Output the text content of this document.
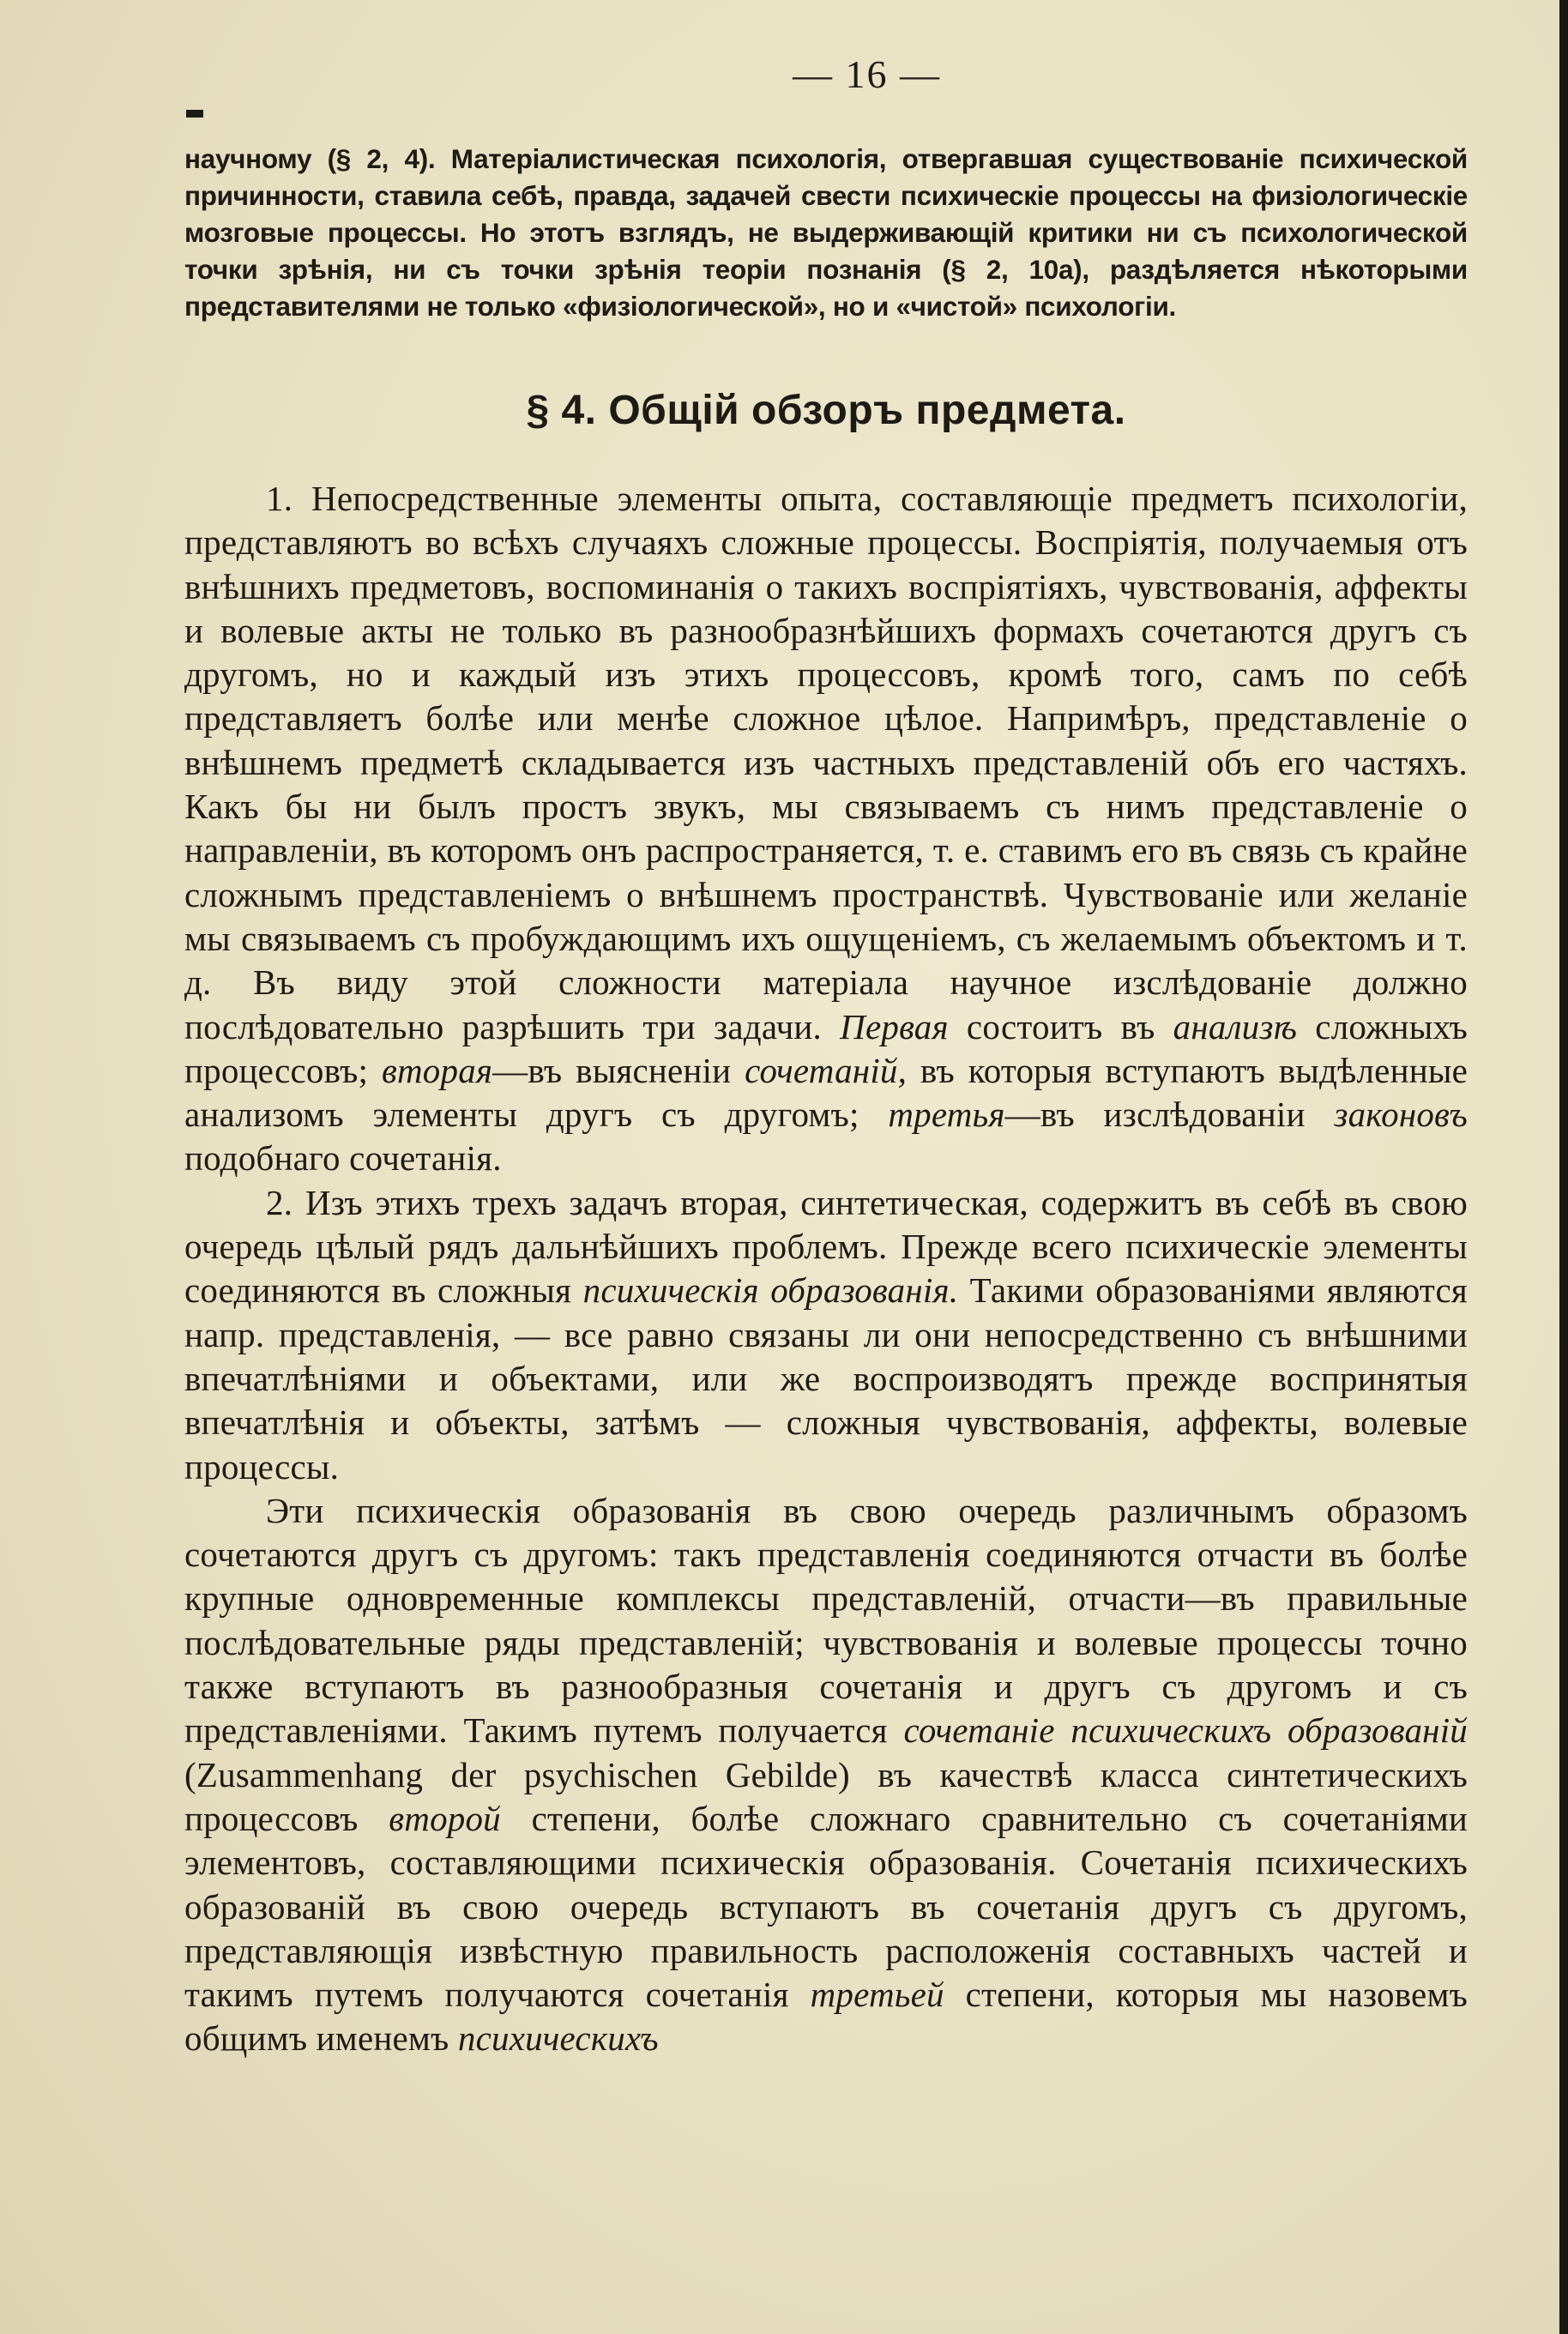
— 16 —

научному (§ 2, 4). Матеріалистическая психологія, отвергавшая существованіе психической причинности, ставила себѣ, правда, задачей свести психическіе процессы на физіологическіе мозговые процессы. Но этотъ взглядъ, не выдерживающій критики ни съ психологической точки зрѣнія, ни съ точки зрѣнія теоріи познанія (§ 2, 10a), раздѣляется нѣкоторыми представителями не только «физіологической», но и «чистой» психологіи.

§ 4. Общій обзоръ предмета.

1. Непосредственные элементы опыта, составляющіе предметъ психологіи, представляютъ во всѣхъ случаяхъ сложные процессы. Воспріятія, получаемыя отъ внѣшнихъ предметовъ, воспоминанія о такихъ воспріятіяхъ, чувствованія, аффекты и волевые акты не только въ разнообразнѣйшихъ формахъ сочетаются другъ съ другомъ, но и каждый изъ этихъ процессовъ, кромѣ того, самъ по себѣ представляетъ болѣе или менѣе сложное цѣлое. Напримѣръ, представленіе о внѣшнемъ предметѣ складывается изъ частныхъ представленій объ его частяхъ. Какъ бы ни былъ простъ звукъ, мы связываемъ съ нимъ представленіе о направленіи, въ которомъ онъ распространяется, т. е. ставимъ его въ связь съ крайне сложнымъ представленіемъ о внѣшнемъ пространствѣ. Чувствованіе или желаніе мы связываемъ съ пробуждающимъ ихъ ощущеніемъ, съ желаемымъ объектомъ и т. д. Въ виду этой сложности матеріала научное изслѣдованіе должно послѣдовательно разрѣшить три задачи. Первая состоитъ въ анализѣ сложныхъ процессовъ; вторая—въ выясненіи сочетаній, въ которыя вступаютъ выдѣленные анализомъ элементы другъ съ другомъ; третья—въ изслѣдованіи законовъ подобнаго сочетанія.

2. Изъ этихъ трехъ задачъ вторая, синтетическая, содержитъ въ себѣ въ свою очередь цѣлый рядъ дальнѣйшихъ проблемъ. Прежде всего психическіе элементы соединяются въ сложныя психическія образованія. Такими образованіями являются напр. представленія, — все равно связаны ли они непосредственно съ внѣшними впечатлѣніями и объектами, или же воспроизводятъ прежде воспринятыя впечатлѣнія и объекты, затѣмъ — сложныя чувствованія, аффекты, волевые процессы.

Эти психическія образованія въ свою очередь различнымъ образомъ сочетаются другъ съ другомъ: такъ представленія соединяются отчасти въ болѣе крупные одновременные комплексы представленій, отчасти—въ правильные послѣдовательные ряды представленій; чувствованія и волевые процессы точно также вступаютъ въ разнообразныя сочетанія и другъ съ другомъ и съ представленіями. Такимъ путемъ получается сочетаніе психическихъ образованій (Zusammenhang der psychischen Gebilde) въ качествѣ класса синтетическихъ процессовъ второй степени, болѣе сложнаго сравнительно съ сочетаніями элементовъ, составляющими психическія образованія. Сочетанія психическихъ образованій въ свою очередь вступаютъ въ сочетанія другъ съ другомъ, представляющія извѣстную правильность расположенія составныхъ частей и такимъ путемъ получаются сочетанія третьей степени, которыя мы назовемъ общимъ именемъ психическихъ
